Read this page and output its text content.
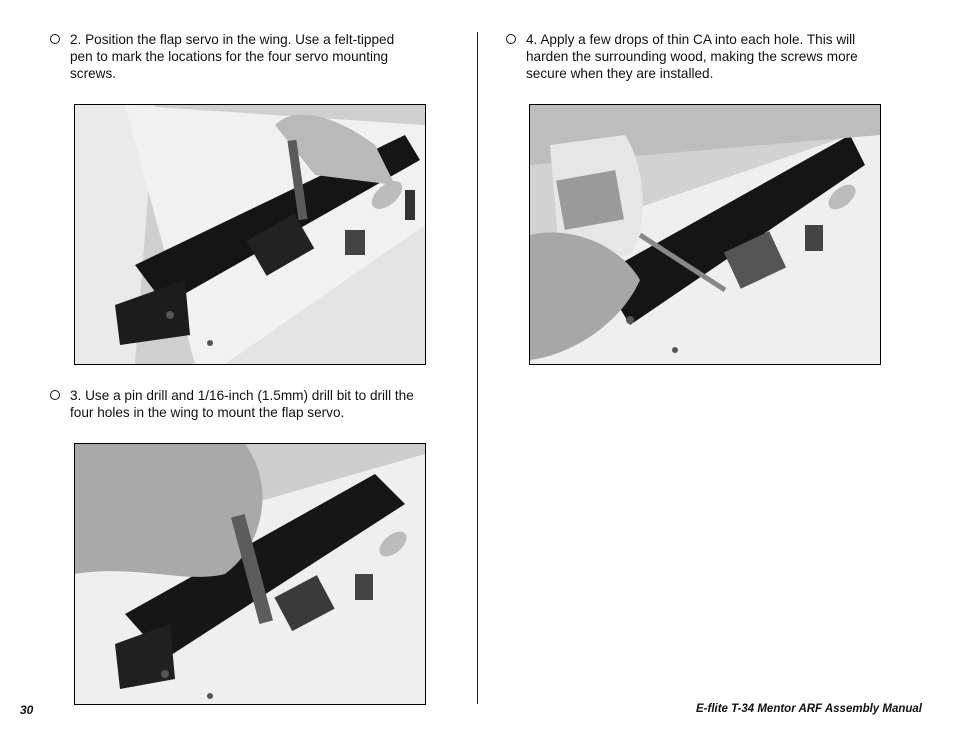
2. Position the flap servo in the wing. Use a felt-tipped pen to mark the locations for the four servo mounting screws.
3. Use a pin drill and 1/16-inch (1.5mm) drill bit to drill the four holes in the wing to mount the flap servo.
4. Apply a few drops of thin CA into each hole. This will harden the surrounding wood, making the screws more secure when they are installed.
30	E-flite T-34 Mentor ARF Assembly Manual
